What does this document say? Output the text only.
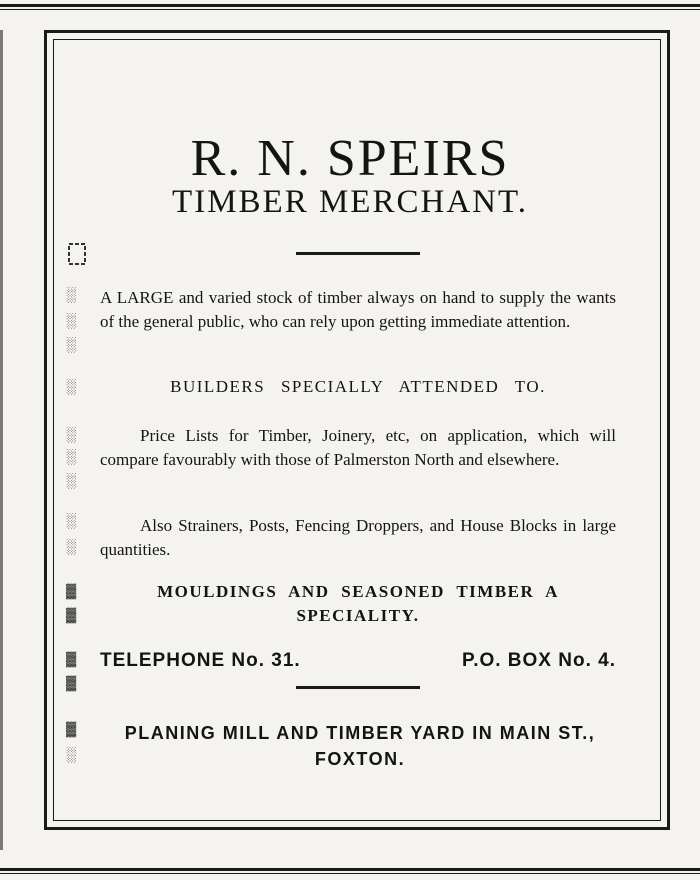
R. N. SPEIRS
TIMBER MERCHANT.
░
░
░
░
░
░
░
░
░
▓
▓
▓
▓
▓
░

A LARGE and varied stock of timber always on hand to supply the wants of the general public, who can rely upon getting immediate attention.

BUILDERS SPECIALLY ATTENDED TO.

Price Lists for Timber, Joinery, etc, on application, which will compare favourably with those of Palmerston North and elsewhere.

Also Strainers, Posts, Fencing Droppers, and House Blocks in large quantities.

MOULDINGS AND SEASONED TIMBER A SPECIALITY.
TELEPHONE No. 31.	P.O. BOX No. 4.
PLANING MILL AND TIMBER YARD IN MAIN ST., FOXTON.
